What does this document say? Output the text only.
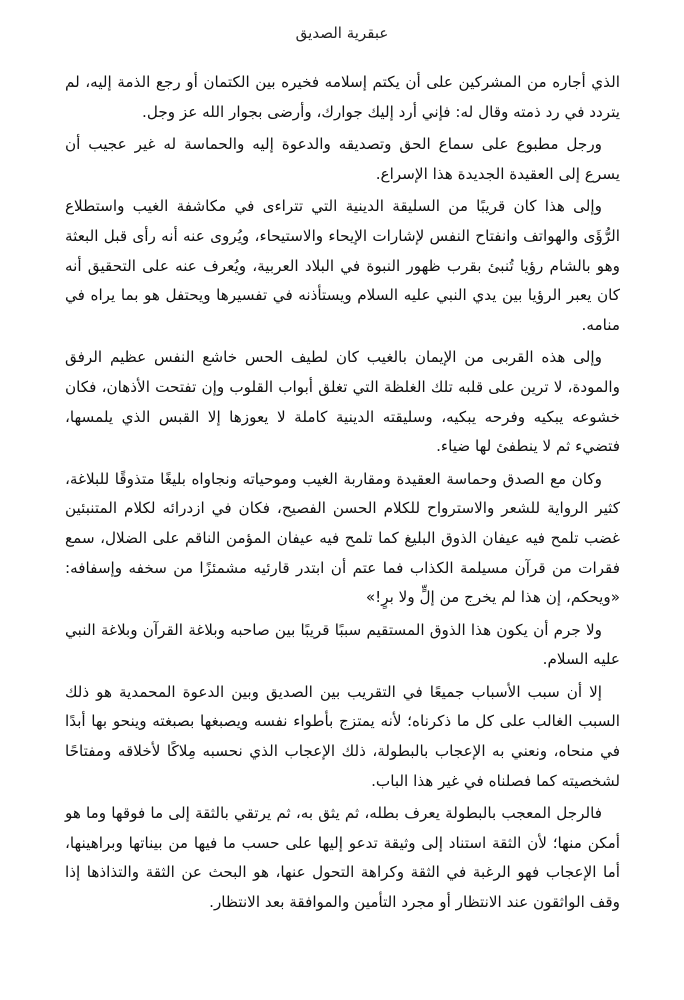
عبقرية الصديق

الذي أجاره من المشركين على أن يكتم إسلامه فخيره بين الكتمان أو رجع الذمة إليه، لم يتردد في رد ذمته وقال له: فإني أرد إليك جوارك، وأرضى بجوار الله عز وجل.

ورجل مطبوع على سماع الحق وتصديقه والدعوة إليه والحماسة له غير عجيب أن يسرع إلى العقيدة الجديدة هذا الإسراع.

وإلى هذا كان قريبًا من السليقة الدينية التي تتراءى في مكاشفة الغيب واستطلاع الرُّؤَى والهواتف وانفتاح النفس لإشارات الإيحاء والاستيحاء، ويُروى عنه أنه رأى قبل البعثة وهو بالشام رؤيا تُنبئ بقرب ظهور النبوة في البلاد العربية، ويُعرف عنه على التحقيق أنه كان يعبر الرؤيا بين يدي النبي عليه السلام ويستأذنه في تفسيرها ويحتفل هو بما يراه في منامه.

وإلى هذه القربى من الإيمان بالغيب كان لطيف الحس خاشع النفس عظيم الرفق والمودة، لا ترين على قلبه تلك الغلظة التي تغلق أبواب القلوب وإن تفتحت الأذهان، فكان خشوعه يبكيه وفرحه يبكيه، وسليقته الدينية كاملة لا يعوزها إلا القبس الذي يلمسها، فتضيء ثم لا ينطفئ لها ضياء.

وكان مع الصدق وحماسة العقيدة ومقاربة الغيب وموحياته ونجاواه بليغًا متذوقًا للبلاغة، كثير الرواية للشعر والاسترواح للكلام الحسن الفصيح، فكان في ازدرائه لكلام المتنبئين غضب تلمح فيه عيفان الذوق البليغ كما تلمح فيه عيفان المؤمن الناقم على الضلال، سمع فقرات من قرآن مسيلمة الكذاب فما عتم أن ابتدر قارئيه مشمئزًا من سخفه وإسفافه: «ويحكم، إن هذا لم يخرج من إلٍّ ولا برٍ!»

ولا جرم أن يكون هذا الذوق المستقيم سببًا قريبًا بين صاحبه وبلاغة القرآن وبلاغة النبي عليه السلام.

إلا أن سبب الأسباب جميعًا في التقريب بين الصديق وبين الدعوة المحمدية هو ذلك السبب الغالب على كل ما ذكرناه؛ لأنه يمتزج بأطواء نفسه ويصبغها بصبغته وينحو بها أبدًا في منحاه، ونعني به الإعجاب بالبطولة، ذلك الإعجاب الذي نحسبه مِلاكًا لأخلاقه ومفتاحًا لشخصيته كما فصلناه في غير هذا الباب.

فالرجل المعجب بالبطولة يعرف بطله، ثم يثق به، ثم يرتقي بالثقة إلى ما فوقها وما هو أمكن منها؛ لأن الثقة استناد إلى وثيقة تدعو إليها على حسب ما فيها من بيناتها وبراهينها، أما الإعجاب فهو الرغبة في الثقة وكراهة التحول عنها، هو البحث عن الثقة والتذاذها إذا وقف الواثقون عند الانتظار أو مجرد التأمين والموافقة بعد الانتظار.
